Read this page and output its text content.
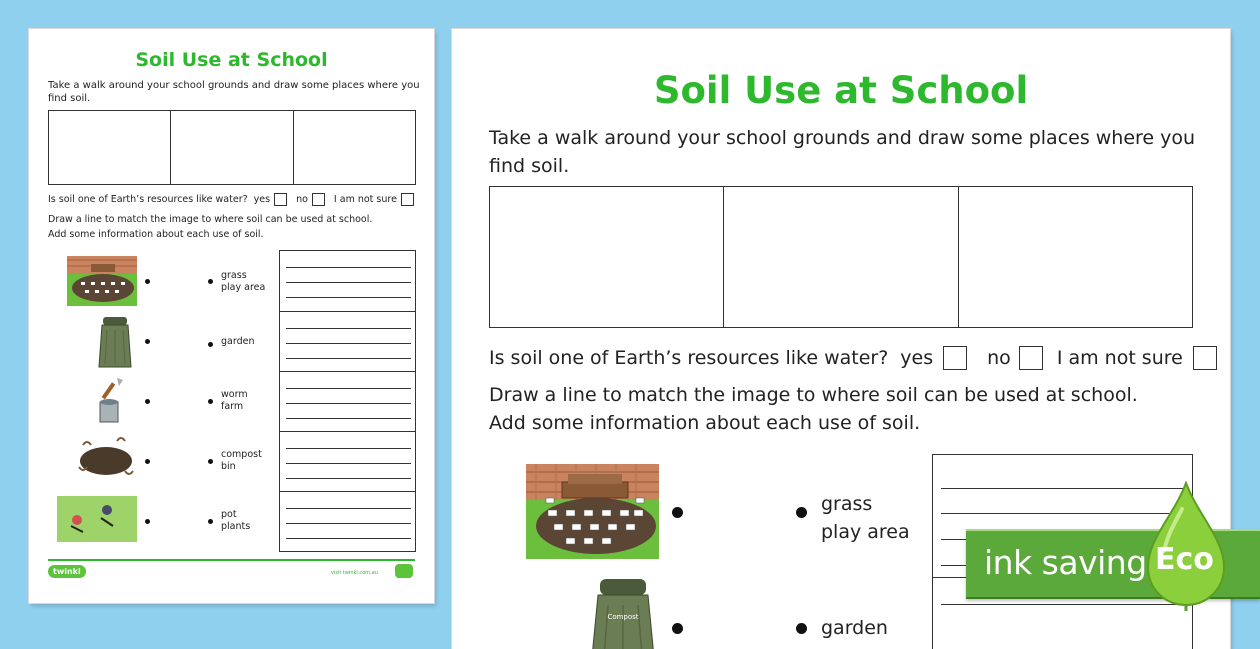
Soil Use at School
Take a walk around your school grounds and draw some places where you find soil.
Is soil one of Earth’s resources like water? yes	no	I am not sure
Draw a line to match the image to where soil can be used at school.
Add some information about each use of soil.
grass
play area
garden
worm
farm
compost
bin
pot
plants
twinkl	visit twinkl.com.au
Soil Use at School
Take a walk around your school grounds and draw some places where you find soil.
Is soil one of Earth’s resources like water? yes	no I am not sure
Draw a line to match the image to where soil can be used at school.
Add some information about each use of soil.
Compost
grass
play area
garden
ink saving Eco
